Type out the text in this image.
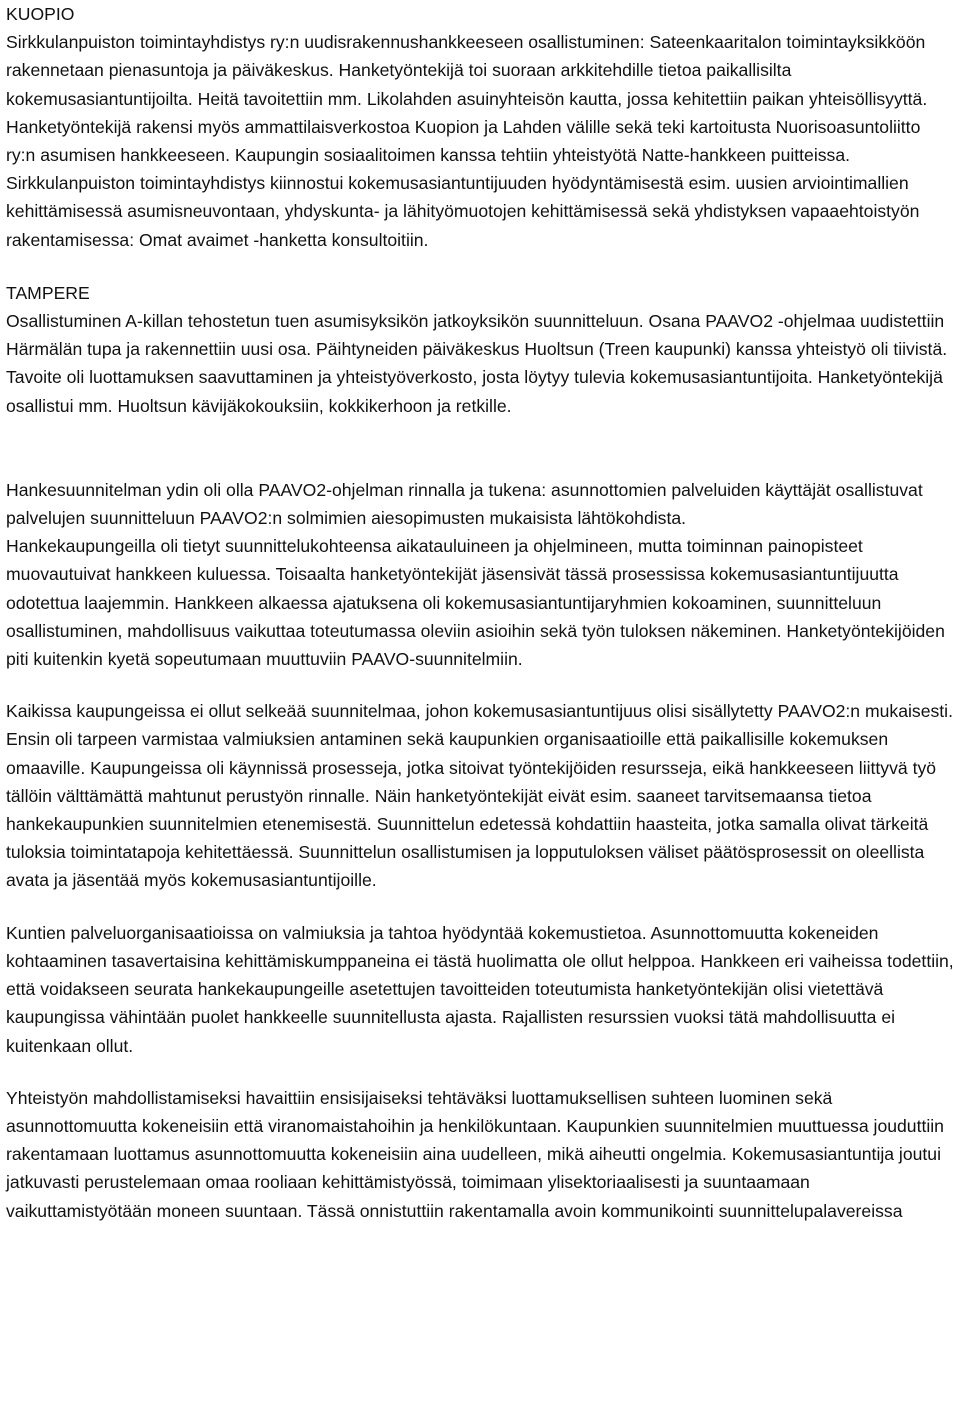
KUOPIO

Sirkkulanpuiston toimintayhdistys ry:n uudisrakennushankkeeseen osallistuminen: Sateenkaaritalon toimintayksikköön rakennetaan pienasuntoja ja päiväkeskus. Hanketyöntekijä toi suoraan arkkitehdille tietoa paikallisilta kokemusasiantuntijoilta. Heitä tavoitettiin mm. Likolahden asuinyhteisön kautta, jossa kehitettiin paikan yhteisöllisyyttä. Hanketyöntekijä rakensi myös ammattilaisverkostoa Kuopion ja Lahden välille sekä teki kartoitusta Nuorisoasuntoliitto ry:n asumisen hankkeeseen. Kaupungin sosiaalitoimen kanssa tehtiin yhteistyötä Natte-hankkeen puitteissa. Sirkkulanpuiston toimintayhdistys kiinnostui kokemusasiantuntijuuden hyödyntämisestä esim. uusien arviointimallien kehittämisessä asumisneuvontaan, yhdyskunta- ja lähityömuotojen kehittämisessä sekä yhdistyksen vapaaehtoistyön rakentamisessa: Omat avaimet -hanketta konsultoitiin.

TAMPERE

Osallistuminen A-killan tehostetun tuen asumisyksikön jatkoyksikön suunnitteluun. Osana PAAVO2 -ohjelmaa uudistettiin Härmälän tupa ja rakennettiin uusi osa. Päihtyneiden päiväkeskus Huoltsun (Treen kaupunki) kanssa yhteistyö oli tiivistä. Tavoite oli luottamuksen saavuttaminen ja yhteistyöverkosto, josta löytyy tulevia kokemusasiantuntijoita. Hanketyöntekijä osallistui mm. Huoltsun kävijäkokouksiin, kokkikerhoon ja retkille.

Hankesuunnitelman ydin oli olla PAAVO2-ohjelman rinnalla ja tukena: asunnottomien palveluiden käyttäjät osallistuvat palvelujen suunnitteluun PAAVO2:n solmimien aiesopimusten mukaisista lähtökohdista.

Hankekaupungeilla oli tietyt suunnittelukohteensa aikatauluineen ja ohjelmineen, mutta toiminnan painopisteet muovautuivat hankkeen kuluessa. Toisaalta hanketyöntekijät jäsensivät tässä prosessissa kokemusasiantuntijuutta odotettua laajemmin. Hankkeen alkaessa ajatuksena oli kokemusasiantuntijaryhmien kokoaminen, suunnitteluun osallistuminen, mahdollisuus vaikuttaa toteutumassa oleviin asioihin sekä työn tuloksen näkeminen. Hanketyöntekijöiden piti kuitenkin kyetä sopeutumaan muuttuviin PAAVO-suunnitelmiin.

Kaikissa kaupungeissa ei ollut selkeää suunnitelmaa, johon kokemusasiantuntijuus olisi sisällytetty PAAVO2:n mukaisesti. Ensin oli tarpeen varmistaa valmiuksien antaminen sekä kaupunkien organisaatioille että paikallisille kokemuksen omaaville. Kaupungeissa oli käynnissä prosesseja, jotka sitoivat työntekijöiden resursseja, eikä hankkeeseen liittyvä työ tällöin välttämättä mahtunut perustyön rinnalle. Näin hanketyöntekijät eivät esim. saaneet tarvitsemaansa tietoa hankekaupunkien suunnitelmien etenemisestä. Suunnittelun edetessä kohdattiin haasteita, jotka samalla olivat tärkeitä tuloksia toimintatapoja kehitettäessä. Suunnittelun osallistumisen ja lopputuloksen väliset päätösprosessit on oleellista avata ja jäsentää myös kokemusasiantuntijoille.

Kuntien palveluorganisaatioissa on valmiuksia ja tahtoa hyödyntää kokemustietoa. Asunnottomuutta kokeneiden kohtaaminen tasavertaisina kehittämiskumppaneina ei tästä huolimatta ole ollut helppoa. Hankkeen eri vaiheissa todettiin, että voidakseen seurata hankekaupungeille asetettujen tavoitteiden toteutumista hanketyöntekijän olisi vietettävä kaupungissa vähintään puolet hankkeelle suunnitellusta ajasta. Rajallisten resurssien vuoksi tätä mahdollisuutta ei kuitenkaan ollut.

Yhteistyön mahdollistamiseksi havaittiin ensisijaiseksi tehtäväksi luottamuksellisen suhteen luominen sekä asunnottomuutta kokeneisiin että viranomaistahoihin ja henkilökuntaan. Kaupunkien suunnitelmien muuttuessa jouduttiin rakentamaan luottamus asunnottomuutta kokeneisiin aina uudelleen, mikä aiheutti ongelmia. Kokemusasiantuntija joutui jatkuvasti perustelemaan omaa rooliaan kehittämistyössä, toimimaan ylisektoriaalisesti ja suuntaamaan vaikuttamistyötään moneen suuntaan. Tässä onnistuttiin rakentamalla avoin kommunikointi suunnittelupalavereissa
